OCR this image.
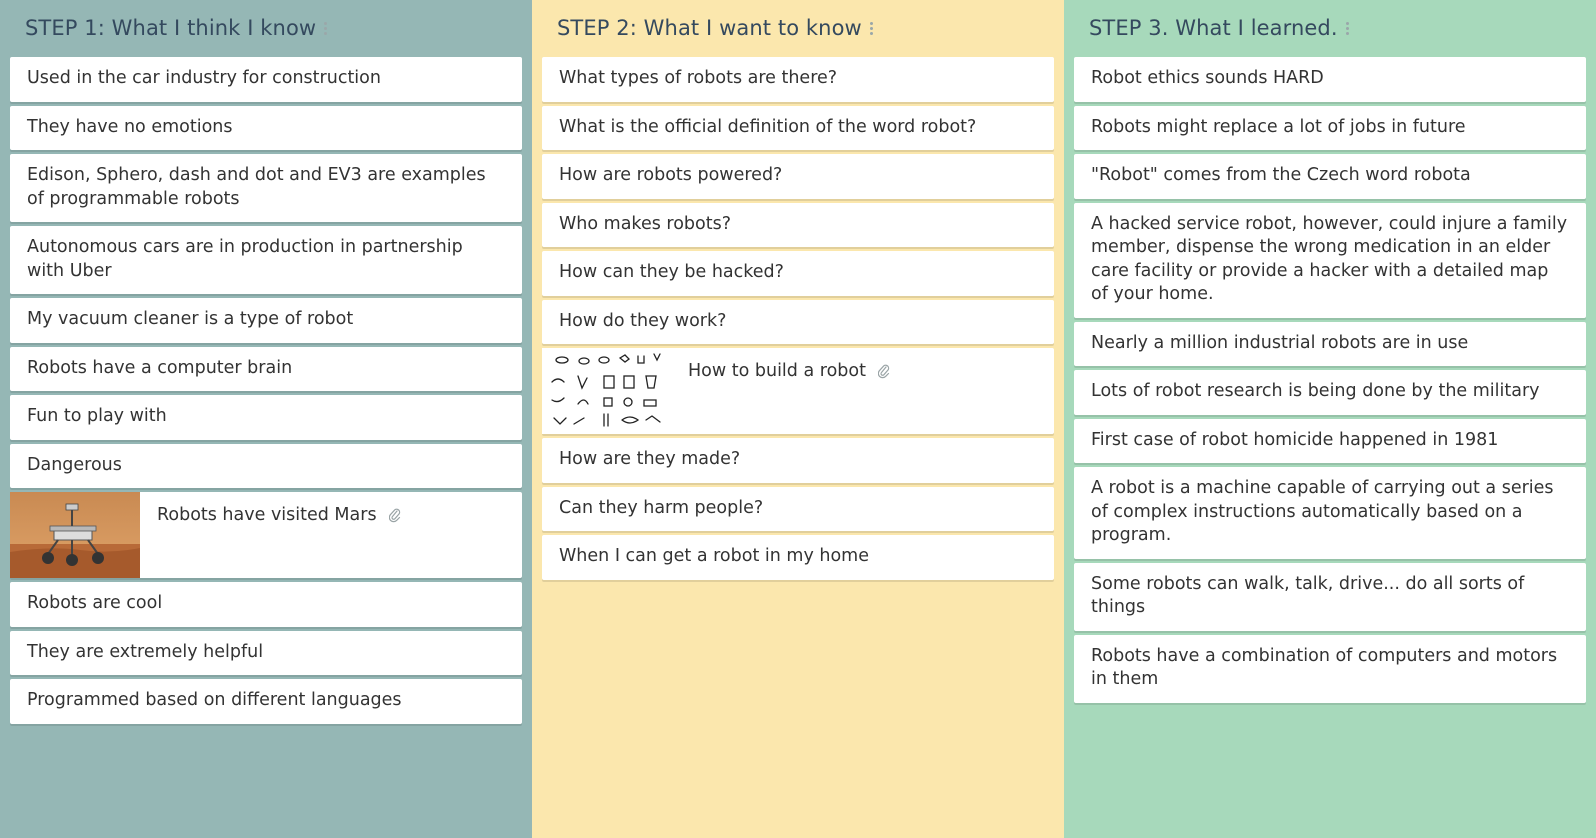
STEP 1: What I think I know
Used in the car industry for construction
They have no emotions
Edison, Sphero, dash and dot and EV3 are examples of programmable robots
Autonomous cars are in production in partnership with Uber
My vacuum cleaner is a type of robot
Robots have a computer brain
Fun to play with
Dangerous
Robots have visited Mars
Robots are cool
They are extremely helpful
Programmed based on different languages
STEP 2: What I want to know
What types of robots are there?
What is the official definition of the word robot?
How are robots powered?
Who makes robots?
How can they be hacked?
How do they work?
How to build a robot
How are they made?
Can they harm people?
When I can get a robot in my home
STEP 3. What I learned.
Robot ethics sounds HARD
Robots might replace a lot of jobs in future
"Robot" comes from the Czech word robota
A hacked service robot, however, could injure a family member, dispense the wrong medication in an elder care facility or provide a hacker with a detailed map of your home.
Nearly a million industrial robots are in use
Lots of robot research is being done by the military
First case of robot homicide happened in 1981
A robot is a machine capable of carrying out a series of complex instructions automatically based on a program.
Some robots can walk, talk, drive... do all sorts of things
Robots have a combination of computers and motors in them
